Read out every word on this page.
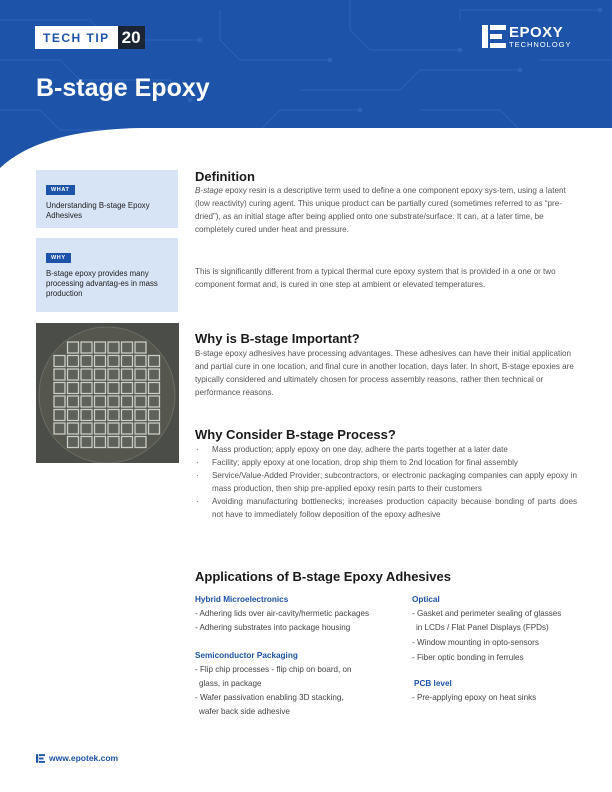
TECH TIP 20	EPOXY
TECHNOLOGY
B-stage Epoxy
WHAT
Understanding B-stage Epoxy Adhesives
WHY
B-stage epoxy provides many processing advantag-es in mass production
Definition

B-stage epoxy resin is a descriptive term used to define a one component epoxy sys-tem, using a latent (low reactivity) curing agent. This unique product can be partially cured (sometimes referred to as “pre-dried”), as an initial stage after being applied onto one substrate/surface. It can, at a later time, be completely cured under heat and pressure.

This is significantly different from a typical thermal cure epoxy system that is provided in a one or two component format and, is cured in one step at ambient or elevated temperatures.

Why is B-stage Important?

B-stage epoxy adhesives have processing advantages. These adhesives can have their initial application and partial cure in one location, and final cure in another location, days later. In short, B-stage epoxies are typically considered and ultimately chosen for process assembly reasons, rather then technical or performance reasons.

Why Consider B-stage Process?
· Mass production; apply epoxy on one day, adhere the parts together at a later date
· Facility; apply epoxy at one location, drop ship them to 2nd location for final assembly
· Service/Value-Added Provider; subcontractors, or electronic packaging companies can apply epoxy in mass production, then ship pre-applied epoxy resin parts to their customers
· Avoiding manufacturing bottlenecks; increases production capacity because bonding of parts does not have to immediately follow deposition of the epoxy adhesive
Applications of B-stage Epoxy Adhesives
Hybrid Microelectronics
- Adhering lids over air-cavity/hermetic packages
- Adhering substrates into package housing
Semiconductor Packaging
- Flip chip processes - flip chip on board, on
glass, in package
- Wafer passivation enabling 3D stacking,
wafer back side adhesive
Optical
- Gasket and perimeter sealing of glasses
in LCDs / Flat Panel Displays (FPDs)
- Window mounting in opto-sensors
- Fiber optic bonding in ferrules
PCB level
- Pre-applying epoxy on heat sinks
www.epotek.com
